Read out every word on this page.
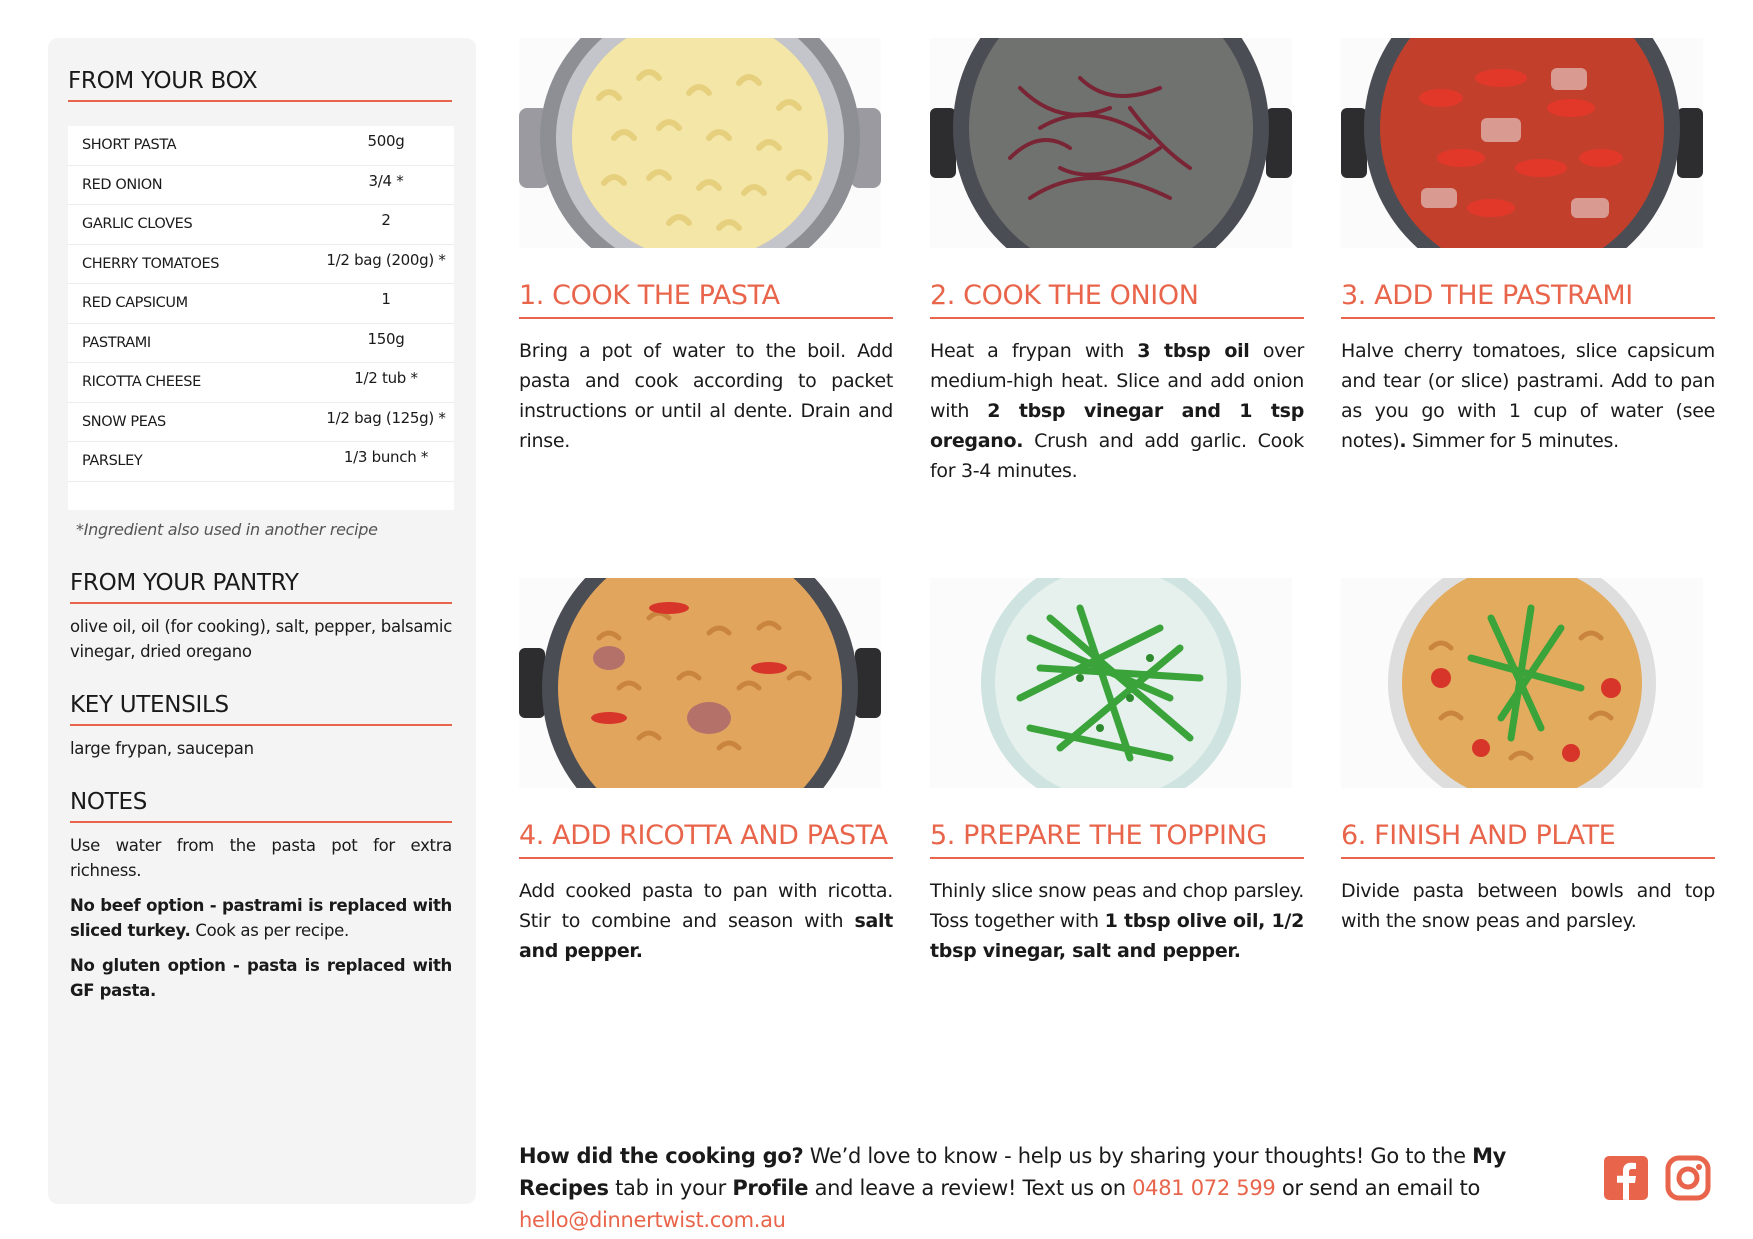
FROM YOUR BOX
SHORT PASTA	500g
RED ONION	3/4 *
GARLIC CLOVES	2
CHERRY TOMATOES	1/2 bag (200g) *
RED CAPSICUM	1
PASTRAMI	150g
RICOTTA CHEESE	1/2 tub *
SNOW PEAS	1/2 bag (125g) *
PARSLEY	1/3 bunch *
*Ingredient also used in another recipe
FROM YOUR PANTRY
olive oil, oil (for cooking), salt, pepper, balsamic vinegar, dried oregano
KEY UTENSILS
large frypan, saucepan
NOTES

Use water from the pasta pot for extra richness.

No beef option - pastrami is replaced with sliced turkey. Cook as per recipe.

No gluten option - pasta is replaced with GF pasta.

1. COOK THE PASTA
Bring a pot of water to the boil. Add pasta and cook according to packet instructions or until al dente. Drain and rinse.
2. COOK THE ONION
Heat a frypan with 3 tbsp oil over medium-high heat. Slice and add onion with 2 tbsp vinegar and 1 tsp oregano. Crush and add garlic. Cook for 3-4 minutes.
3. ADD THE PASTRAMI
Halve cherry tomatoes, slice capsicum and tear (or slice) pastrami. Add to pan as you go with 1 cup of water (see notes). Simmer for 5 minutes.
4. ADD RICOTTA AND PASTA
Add cooked pasta to pan with ricotta. Stir to combine and season with salt and pepper.
5. PREPARE THE TOPPING
Thinly slice snow peas and chop parsley. Toss together with 1 tbsp olive oil, 1/2 tbsp vinegar, salt and pepper.
6. FINISH AND PLATE
Divide pasta between bowls and top with the snow peas and parsley.
How did the cooking go? We’d love to know - help us by sharing your thoughts! Go to the My Recipes tab in your Profile and leave a review! Text us on 0481 072 599 or send an email to hello@dinnertwist.com.au
